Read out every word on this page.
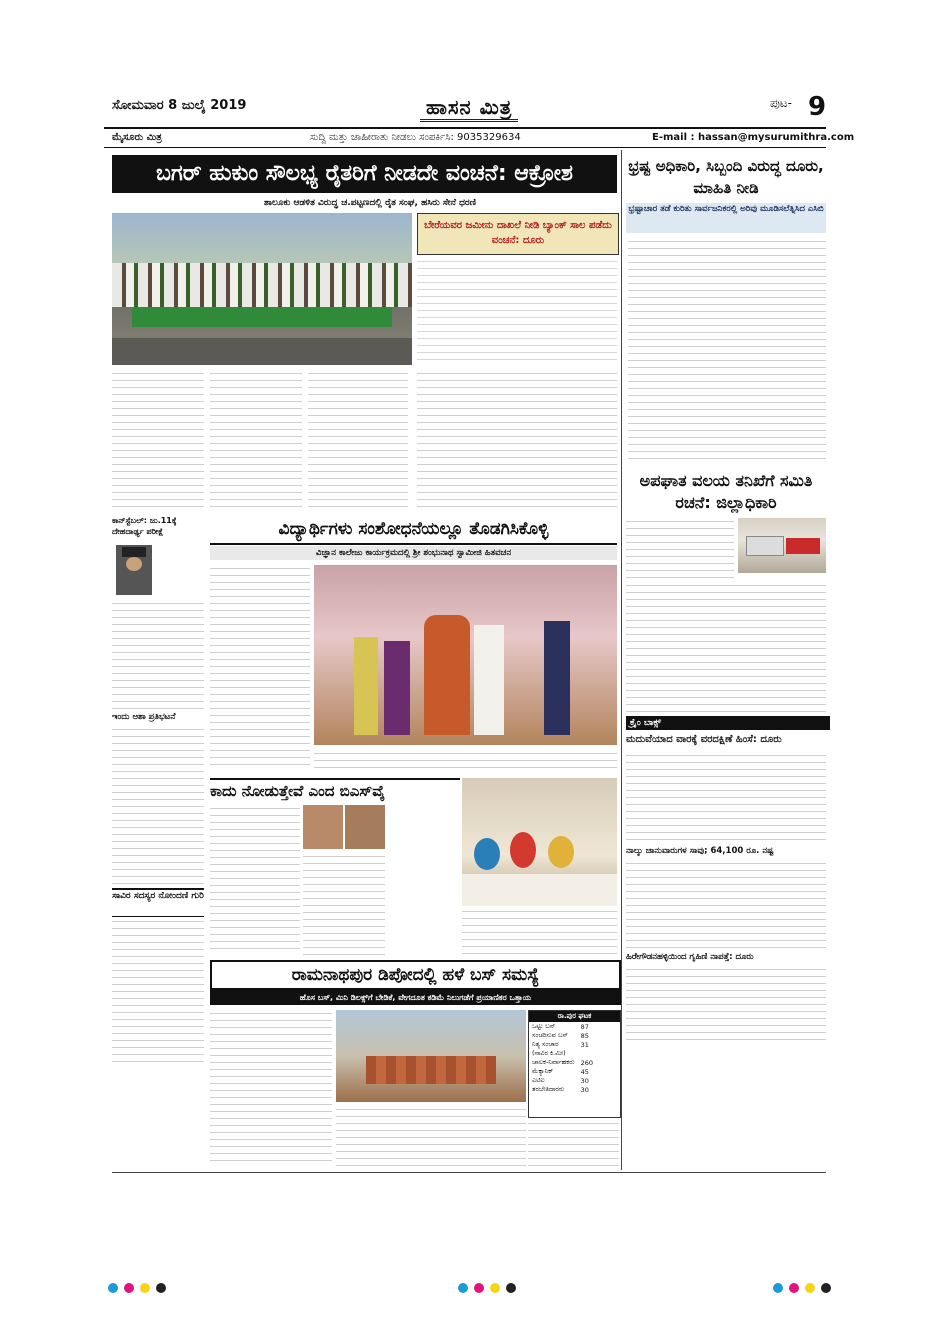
ಸೋಮವಾರ 8 ಜುಲೈ 2019	ಹಾಸನ ಮಿತ್ರ	ಪುಟ- 9
ಮೈಸೂರು ಮಿತ್ರ	ಸುದ್ದಿ ಮತ್ತು ಜಾಹೀರಾತು ನೀಡಲು ಸಂಪರ್ಕಿಸಿ: 9035329634	E-mail : hassan@mysurumithra.com
ಬಗರ್ ಹುಕುಂ ಸೌಲಭ್ಯ ರೈತರಿಗೆ ನೀಡದೇ ವಂಚನೆ: ಆಕ್ರೋಶ
ತಾಲೂಕು ಆಡಳಿತ ವಿರುದ್ಧ ಚ.ಪಟ್ಟಣದಲ್ಲಿ ರೈತ ಸಂಘ, ಹಸಿರು ಸೇನೆ ಧರಣಿ
ಬೇರೆಯವರ ಜಮೀನು ದಾಖಲೆ ನೀಡಿ ಬ್ಯಾಂಕ್ ಸಾಲ ಪಡೆದು ವಂಚನೆ: ದೂರು
ಭ್ರಷ್ಟ ಅಧಿಕಾರಿ, ಸಿಬ್ಬಂದಿ ವಿರುದ್ಧ ದೂರು, ಮಾಹಿತಿ ನೀಡಿ
ಭ್ರಷ್ಟಾಚಾರ ತಡೆ ಕುರಿತು ಸಾರ್ವಜನಿಕರಲ್ಲಿ ಅರಿವು ಮೂಡಿಸಲೆತ್ನಿಸಿದ ಎಸಿಬಿ
ಅಪಘಾತ ವಲಯ ತನಿಖೆಗೆ ಸಮಿತಿ ರಚನೆ: ಜಿಲ್ಲಾಧಿಕಾರಿ
ಕ್ರೈಂ ಬಾಕ್ಸ್
ಮದುವೆಯಾದ ವಾರಕ್ಕೆ ವರದಕ್ಷಿಣೆ ಹಿಂಸೆ: ದೂರು
ನಾಲ್ಕು ಜಾನುವಾರುಗಳ ಸಾವು; 64,100 ರೂ. ನಷ್ಟ
ಹಿರೇಗೌಡನಹಳ್ಳಿಯಿಂದ ಗೃಹಿಣಿ ನಾಪತ್ತೆ: ದೂರು
ಕಾನ್‌ಸ್ಟೆಬಲ್: ಜು.11ಕ್ಕೆ ದೇಹದಾರ್ಢ್ಯ ಪರೀಕ್ಷೆ
ಇಂದು ಆಶಾ ಪ್ರತಿಭಟನೆ
ಸಾವಿರ ಸದಸ್ಯರ ನೋಂದಣಿ ಗುರಿ
ವಿದ್ಯಾರ್ಥಿಗಳು ಸಂಶೋಧನೆಯಲ್ಲೂ ತೊಡಗಿಸಿಕೊಳ್ಳಿ
ವಿಜ್ಞಾನ ಕಾಲೇಜು ಕಾರ್ಯಕ್ರಮದಲ್ಲಿ ಶ್ರೀ ಶಂಭುನಾಥ ಸ್ವಾಮೀಜಿ ಹಿತವಚನ
ಕಾದು ನೋಡುತ್ತೇವೆ ಎಂದ ಬಿಎಸ್‌ವೈ
ರಾಮನಾಥಪುರ ಡಿಪೋದಲ್ಲಿ ಹಳೆ ಬಸ್ ಸಮಸ್ಯೆ
ಹೊಸ ಬಸ್, ಮಿನಿ ಡಿಲಕ್ಸ್‌ಗೆ ಬೇಡಿಕೆ, ವೇಗದೂತ ಕಡಿಮೆ ನಿಲುಗಡೆಗೆ ಪ್ರಯಾಣಿಕರ ಒತ್ತಾಯ
ರಾ.ಪುರ ಘಟಕ
ಒಟ್ಟು ಬಸ್	87
ಸಂಚರಿಸುವ ಬಸ್	85
ನಿತ್ಯ ಸಂಚಾರ	31
(ಸಾವಿರ ಕಿ.ಮೀ)	
ಚಾಲಕ-ನಿರ್ವಾಹಕರು	260
ಮೆಕ್ಯಾನಿಕ್	45
ಎಟಿಐ	30
ತರಬೇತಿದಾರರು	30
